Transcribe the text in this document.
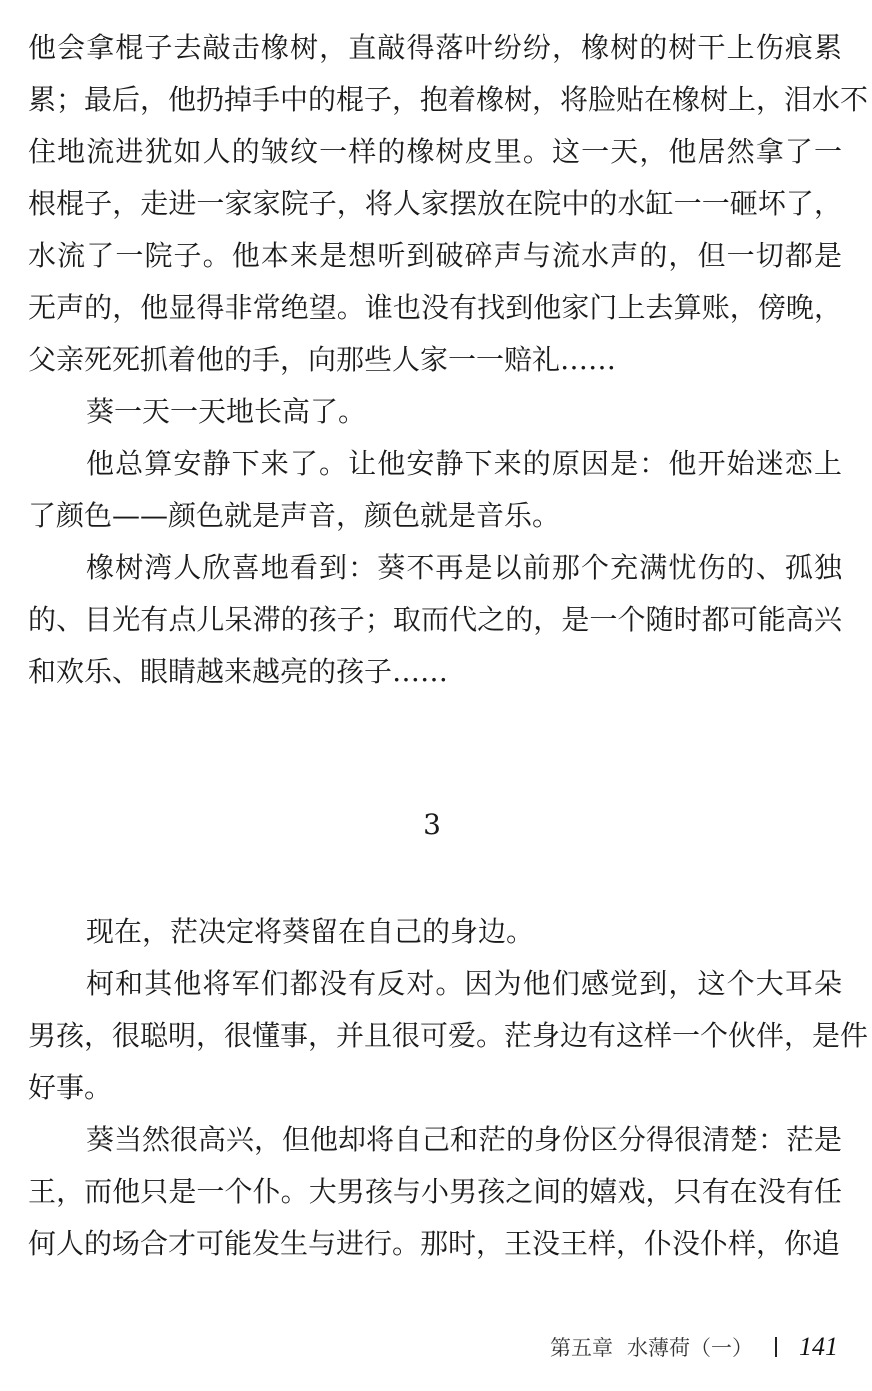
他会拿棍子去敲击橡树，直敲得落叶纷纷，橡树的树干上伤痕累
累；最后，他扔掉手中的棍子，抱着橡树，将脸贴在橡树上，泪水不
住地流进犹如人的皱纹一样的橡树皮里。这一天，他居然拿了一
根棍子，走进一家家院子，将人家摆放在院中的水缸一一砸坏了，
水流了一院子。他本来是想听到破碎声与流水声的，但一切都是
无声的，他显得非常绝望。谁也没有找到他家门上去算账，傍晚，
父亲死死抓着他的手，向那些人家一一赔礼……
葵一天一天地长高了。
他总算安静下来了。让他安静下来的原因是：他开始迷恋上
了颜色——颜色就是声音，颜色就是音乐。
橡树湾人欣喜地看到：葵不再是以前那个充满忧伤的、孤独
的、目光有点儿呆滞的孩子；取而代之的，是一个随时都可能高兴
和欢乐、眼睛越来越亮的孩子……
3
现在，茫决定将葵留在自己的身边。
柯和其他将军们都没有反对。因为他们感觉到，这个大耳朵
男孩，很聪明，很懂事，并且很可爱。茫身边有这样一个伙伴，是件
好事。
葵当然很高兴，但他却将自己和茫的身份区分得很清楚：茫是
王，而他只是一个仆。大男孩与小男孩之间的嬉戏，只有在没有任
何人的场合才可能发生与进行。那时，王没王样，仆没仆样，你追
第五章 水薄荷（一） 141
